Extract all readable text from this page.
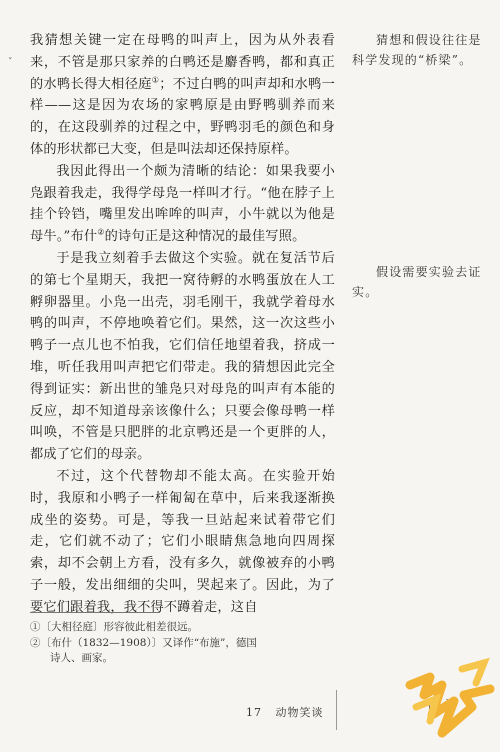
ˇ

我猜想关键一定在母鸭的叫声上，因为从外表看来，不管是那只家养的白鸭还是麝香鸭，都和真正的水鸭长得大相径庭①；不过白鸭的叫声却和水鸭一样——这是因为农场的家鸭原是由野鸭驯养而来的，在这段驯养的过程之中，野鸭羽毛的颜色和身体的形状都已大变，但是叫法却还保持原样。

我因此得出一个颇为清晰的结论：如果我要小凫跟着我走，我得学母凫一样叫才行。“他在脖子上挂个铃铛，嘴里发出哞哞的叫声，小牛就以为他是母牛。”布什②的诗句正是这种情况的最佳写照。

于是我立刻着手去做这个实验。就在复活节后的第七个星期天，我把一窝待孵的水鸭蛋放在人工孵卵器里。小凫一出壳，羽毛刚干，我就学着母水鸭的叫声，不停地唤着它们。果然，这一次这些小鸭子一点儿也不怕我，它们信任地望着我，挤成一堆，听任我用叫声把它们带走。我的猜想因此完全得到证实：新出世的雏凫只对母凫的叫声有本能的反应，却不知道母亲该像什么；只要会像母鸭一样叫唤，不管是只肥胖的北京鸭还是一个更胖的人，都成了它们的母亲。

不过，这个代替物却不能太高。在实验开始时，我原和小鸭子一样匍匐在草中，后来我逐渐换成坐的姿势。可是，等我一旦站起来试着带它们走，它们就不动了；它们小眼睛焦急地向四周探索，却不会朝上方看，没有多久，就像被弃的小鸭子一般，发出细细的尖叫，哭起来了。因此，为了要它们跟着我，我不得不蹲着走，这自

猜想和假设往往是科学发现的“桥梁”。

假设需要实验去证实。

①〔大相径庭〕形容彼此相差很远。

②〔布什（1832—1908）〕又译作“布施”，德国

诗人、画家。

17 动物笑谈
阅读
